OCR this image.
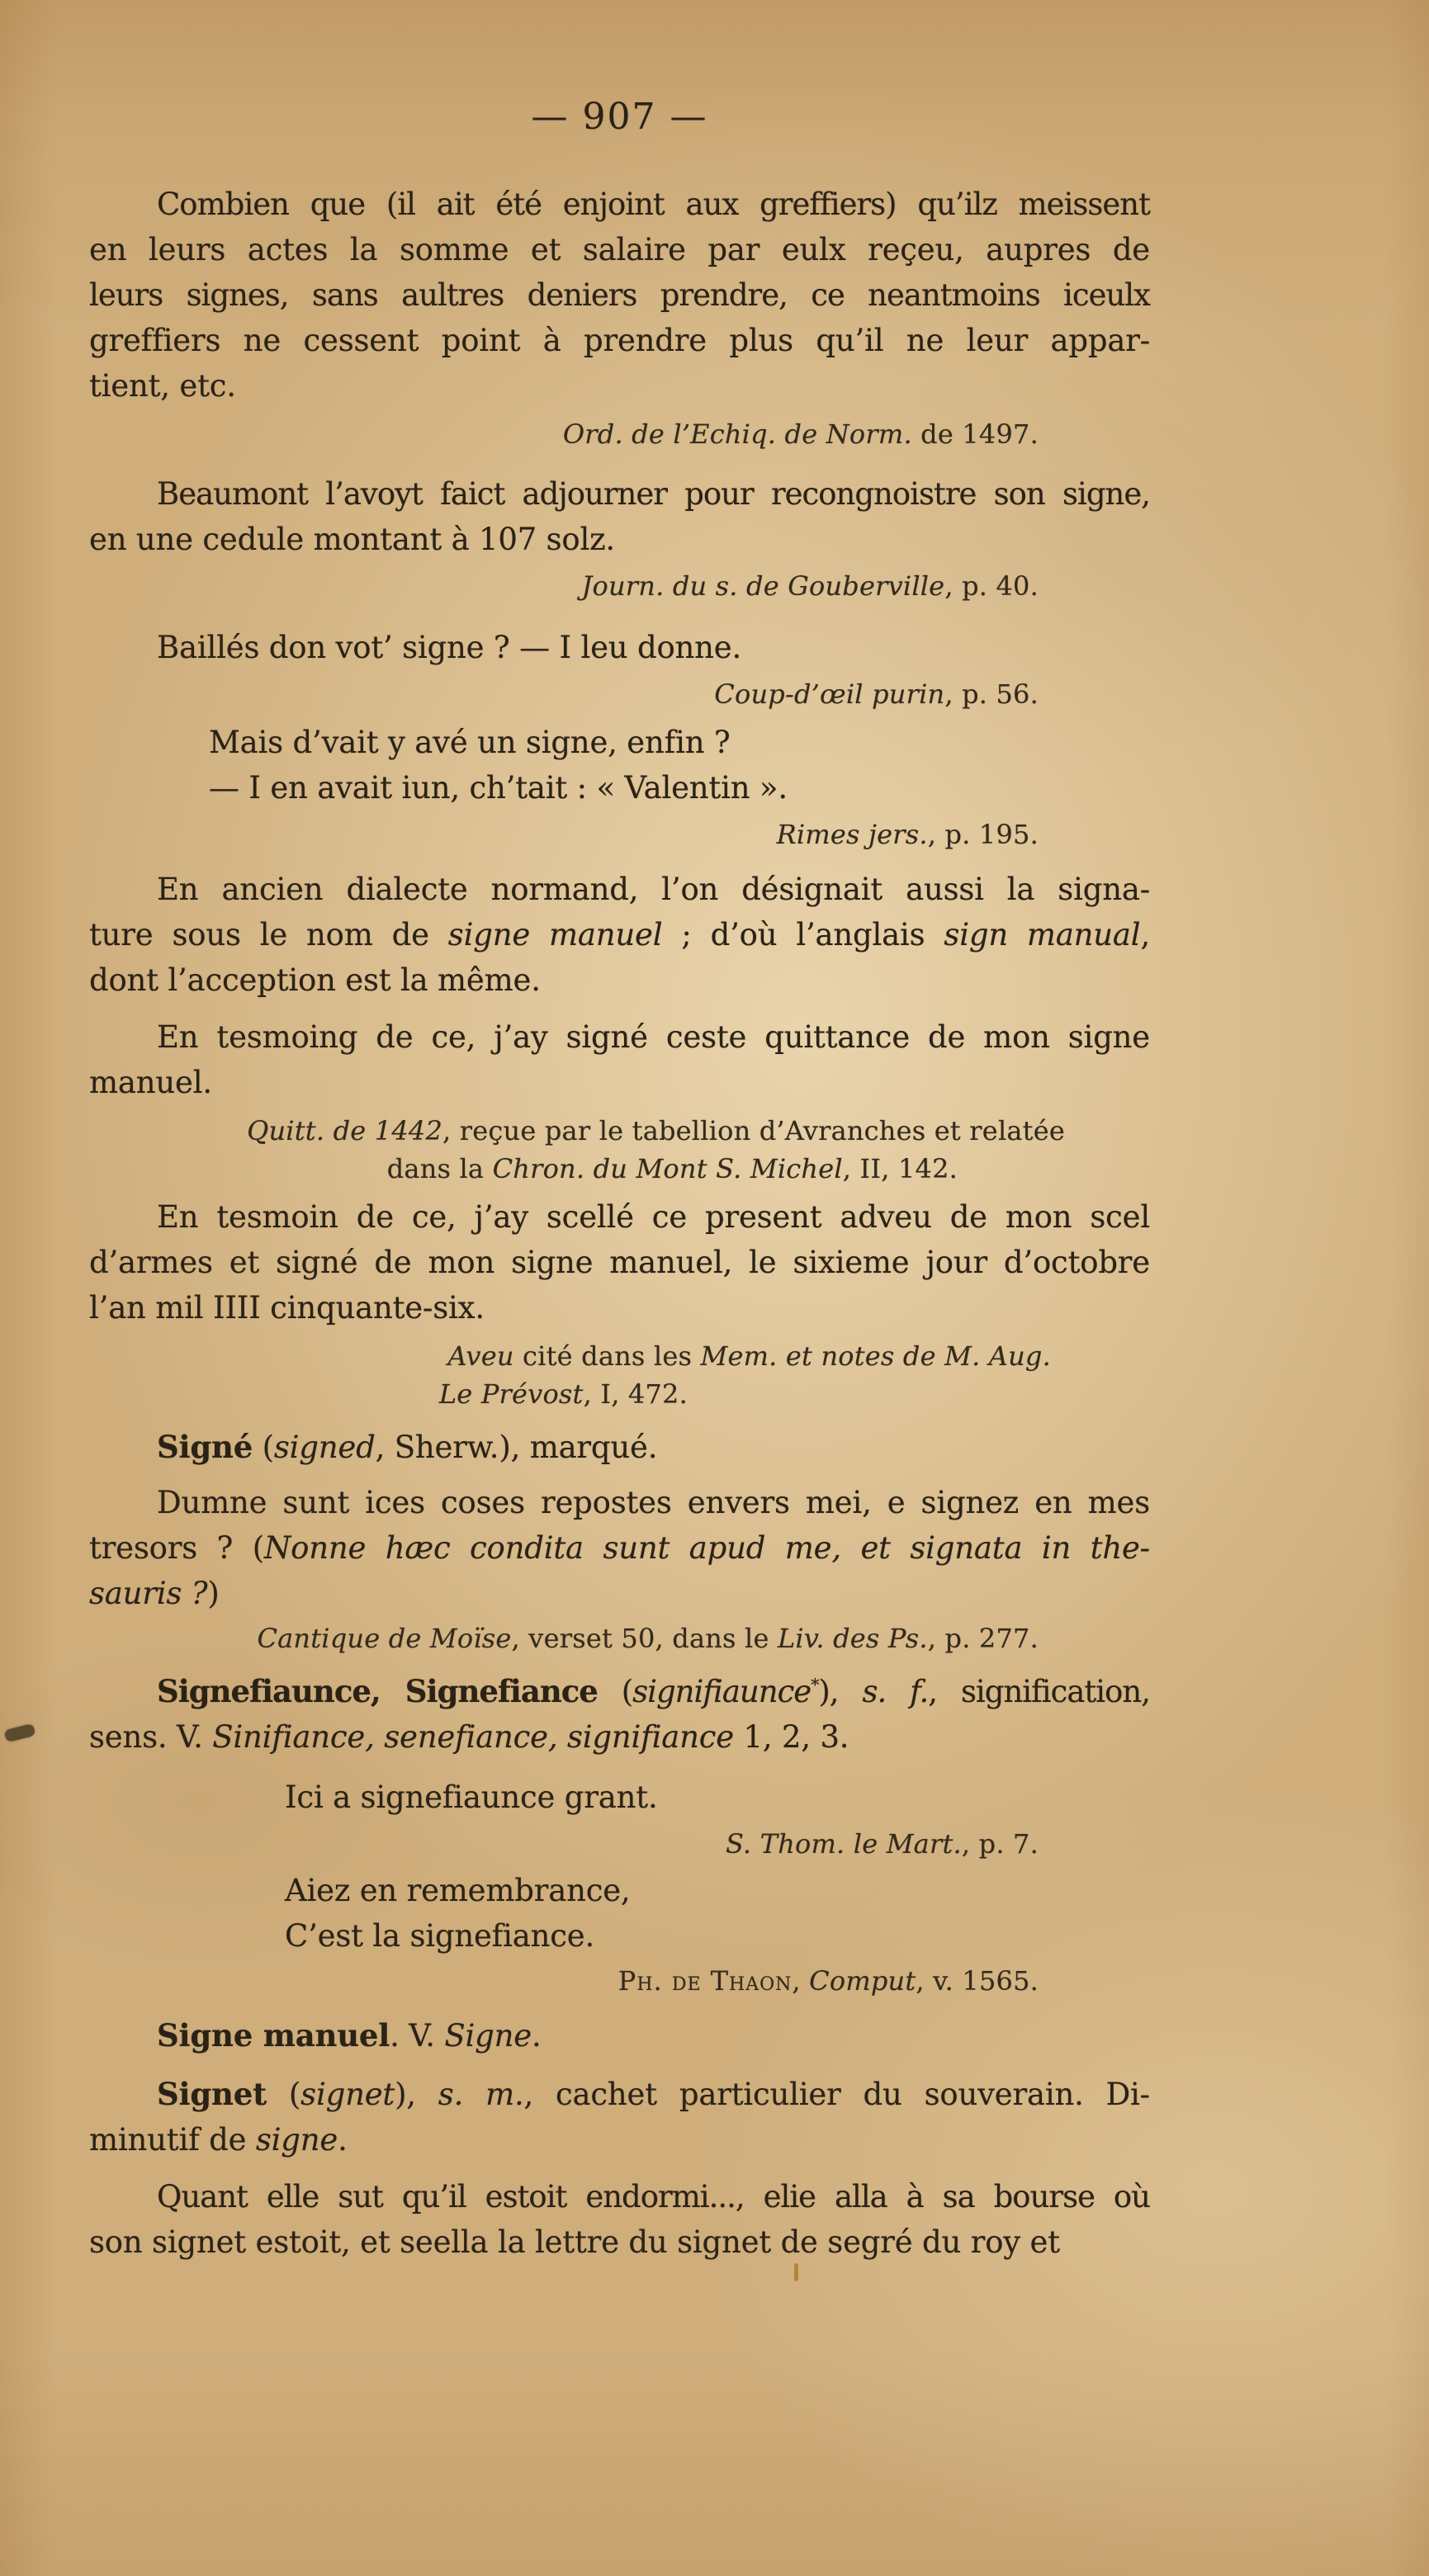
— 907 —
Combien que (il ait été enjoint aux greffiers) qu’ilz meissent
en leurs actes la somme et salaire par eulx reçeu, aupres de
leurs signes, sans aultres deniers prendre, ce neantmoins iceulx
greffiers ne cessent point à prendre plus qu’il ne leur appar-
tient, etc.
Ord. de l’Echiq. de Norm. de 1497.
Beaumont l’avoyt faict adjourner pour recongnoistre son signe,
en une cedule montant à 107 solz.
Journ. du s. de Gouberville, p. 40.
Baillés don vot’ signe ? — I leu donne.
Coup-d’œil purin, p. 56.
Mais d’vait y avé un signe, enfin ?
— I en avait iun, ch’tait : « Valentin ».
Rimes jers., p. 195.
En ancien dialecte normand, l’on désignait aussi la signa-
ture sous le nom de signe manuel ; d’où l’anglais sign manual,
dont l’acception est la même.
En tesmoing de ce, j’ay signé ceste quittance de mon signe
manuel.
Quitt. de 1442, reçue par le tabellion d’Avranches et relatée
dans la Chron. du Mont S. Michel, II, 142.
En tesmoin de ce, j’ay scellé ce present adveu de mon scel
d’armes et signé de mon signe manuel, le sixieme jour d’octobre
l’an mil IIII cinquante-six.
Aveu cité dans les Mem. et notes de M. Aug.
Le Prévost, I, 472.
Signé (signed, Sherw.), marqué.
Dumne sunt ices coses repostes envers mei, e signez en mes
tresors ? (Nonne hæc condita sunt apud me, et signata in the-
sauris ?)
Cantique de Moïse, verset 50, dans le Liv. des Ps., p. 277.
Signefiaunce, Signefiance (signifiaunce*), s. f., signification,
sens. V. Sinifiance, senefiance, signifiance 1, 2, 3.
Ici a signefiaunce grant.
S. Thom. le Mart., p. 7.
Aiez en remembrance,
C’est la signefiance.
Ph. de Thaon, Comput, v. 1565.
Signe manuel. V. Signe.
Signet (signet), s. m., cachet particulier du souverain. Di-
minutif de signe.
Quant elle sut qu’il estoit endormi..., elie alla à sa bourse où
son signet estoit, et seella la lettre du signet de segré du roy et
